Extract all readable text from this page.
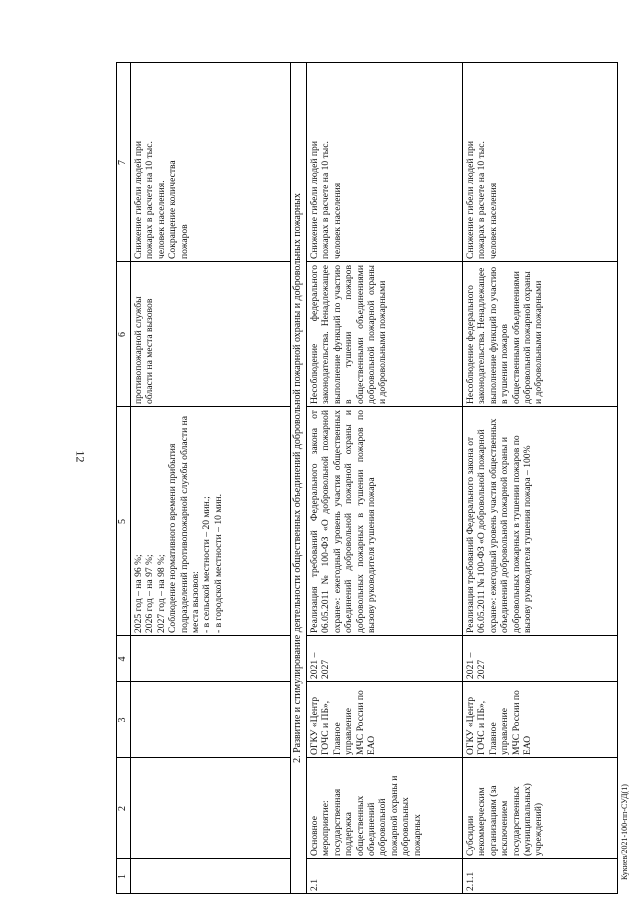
12
Кукиев/2021-100-пп-СУД(1)
1
2
3
4
5
6
7
2025 год – на 96 %;
2026 год – на 97 %;
2027 год – на 98 %;
Соблюдение нормативного времени прибытия подразделений противопожарной службы области на места вызовов:
- в сельской местности – 20 мин.;
- в городской местности – 10 мин.
противопожарной службы области на места вызовов
Снижение гибели людей при пожарах в расчете на 10 тыс. человек населения.
Сокращение количества пожаров	2. Развитие и стимулирование деятельности общественных объединений добровольной пожарной охраны и добровольных пожарных
2.1
Основное мероприятие: государственная поддержка общественных объединений добровольной пожарной охраны и добровольных пожарных
ОГКУ «Центр ГОЧС и ПБ», Главное управление МЧС России по ЕАО
2021 – 2027
Реализация требований Федерального закона от 06.05.2011 № 100-ФЗ «О добровольной пожарной охране»: ежегодный уровень участия общественных объединений добровольной пожарной охраны и добровольных пожарных в тушении пожаров по вызову руководителя тушения пожара
Несоблюдение федерального законодательства. Ненадлежащее выполнение функций по участию в тушении пожаров общественными объединениями добровольной пожарной охраны и добровольными пожарными
Снижение гибели людей при пожарах в расчете на 10 тыс. человек населения
2.1.1
Субсидии некоммерческим организациям (за исключением государственных (муниципальных) учреждений)
ОГКУ «Центр ГОЧС и ПБ», Главное управление МЧС России по ЕАО
2021 – 2027
Реализация требований Федерального закона от 06.05.2011 № 100-ФЗ «О добровольной пожарной охране»: ежегодный уровень участия общественных объединений добровольной пожарной охраны и добровольных пожарных в тушении пожаров по вызову руководителя тушения пожара – 100%
Несоблюдение федерального законодательства. Ненадлежащее выполнение функций по участию в тушении пожаров общественными объединениями добровольной пожарной охраны и добровольными пожарными
Снижение гибели людей при пожарах в расчете на 10 тыс. человек населения
